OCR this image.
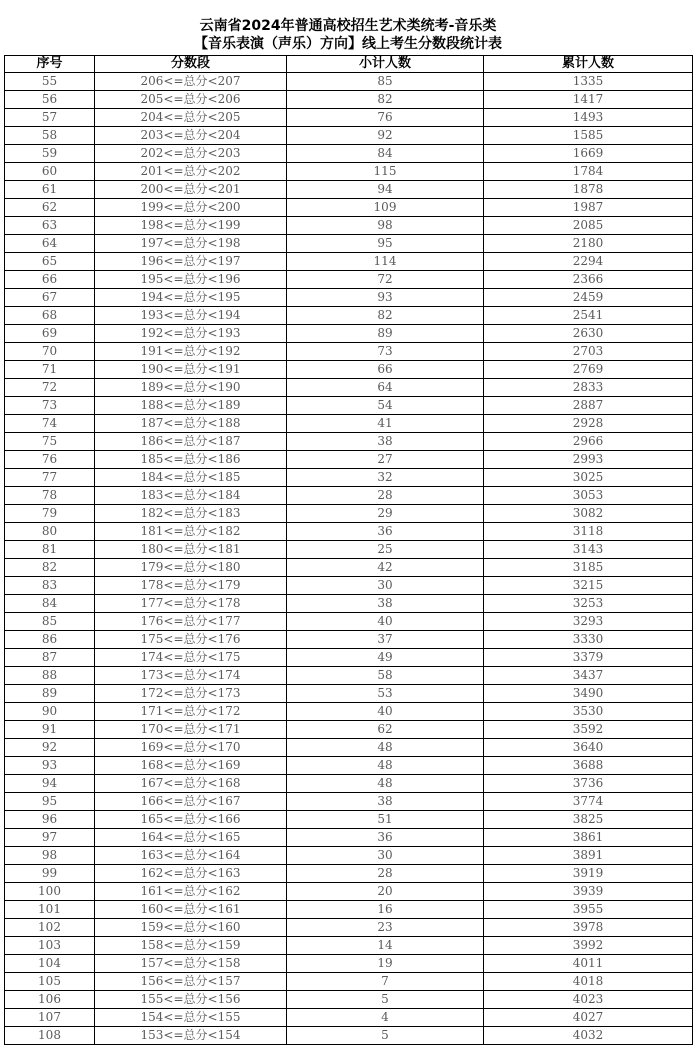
云南省2024年普通高校招生艺术类统考-音乐类
【音乐表演（声乐）方向】线上考生分数段统计表
序号	分数段	小计人数	累计人数
55	206<=总分<207	85	1335
56	205<=总分<206	82	1417
57	204<=总分<205	76	1493
58	203<=总分<204	92	1585
59	202<=总分<203	84	1669
60	201<=总分<202	115	1784
61	200<=总分<201	94	1878
62	199<=总分<200	109	1987
63	198<=总分<199	98	2085
64	197<=总分<198	95	2180
65	196<=总分<197	114	2294
66	195<=总分<196	72	2366
67	194<=总分<195	93	2459
68	193<=总分<194	82	2541
69	192<=总分<193	89	2630
70	191<=总分<192	73	2703
71	190<=总分<191	66	2769
72	189<=总分<190	64	2833
73	188<=总分<189	54	2887
74	187<=总分<188	41	2928
75	186<=总分<187	38	2966
76	185<=总分<186	27	2993
77	184<=总分<185	32	3025
78	183<=总分<184	28	3053
79	182<=总分<183	29	3082
80	181<=总分<182	36	3118
81	180<=总分<181	25	3143
82	179<=总分<180	42	3185
83	178<=总分<179	30	3215
84	177<=总分<178	38	3253
85	176<=总分<177	40	3293
86	175<=总分<176	37	3330
87	174<=总分<175	49	3379
88	173<=总分<174	58	3437
89	172<=总分<173	53	3490
90	171<=总分<172	40	3530
91	170<=总分<171	62	3592
92	169<=总分<170	48	3640
93	168<=总分<169	48	3688
94	167<=总分<168	48	3736
95	166<=总分<167	38	3774
96	165<=总分<166	51	3825
97	164<=总分<165	36	3861
98	163<=总分<164	30	3891
99	162<=总分<163	28	3919
100	161<=总分<162	20	3939
101	160<=总分<161	16	3955
102	159<=总分<160	23	3978
103	158<=总分<159	14	3992
104	157<=总分<158	19	4011
105	156<=总分<157	7	4018
106	155<=总分<156	5	4023
107	154<=总分<155	4	4027
108	153<=总分<154	5	4032
